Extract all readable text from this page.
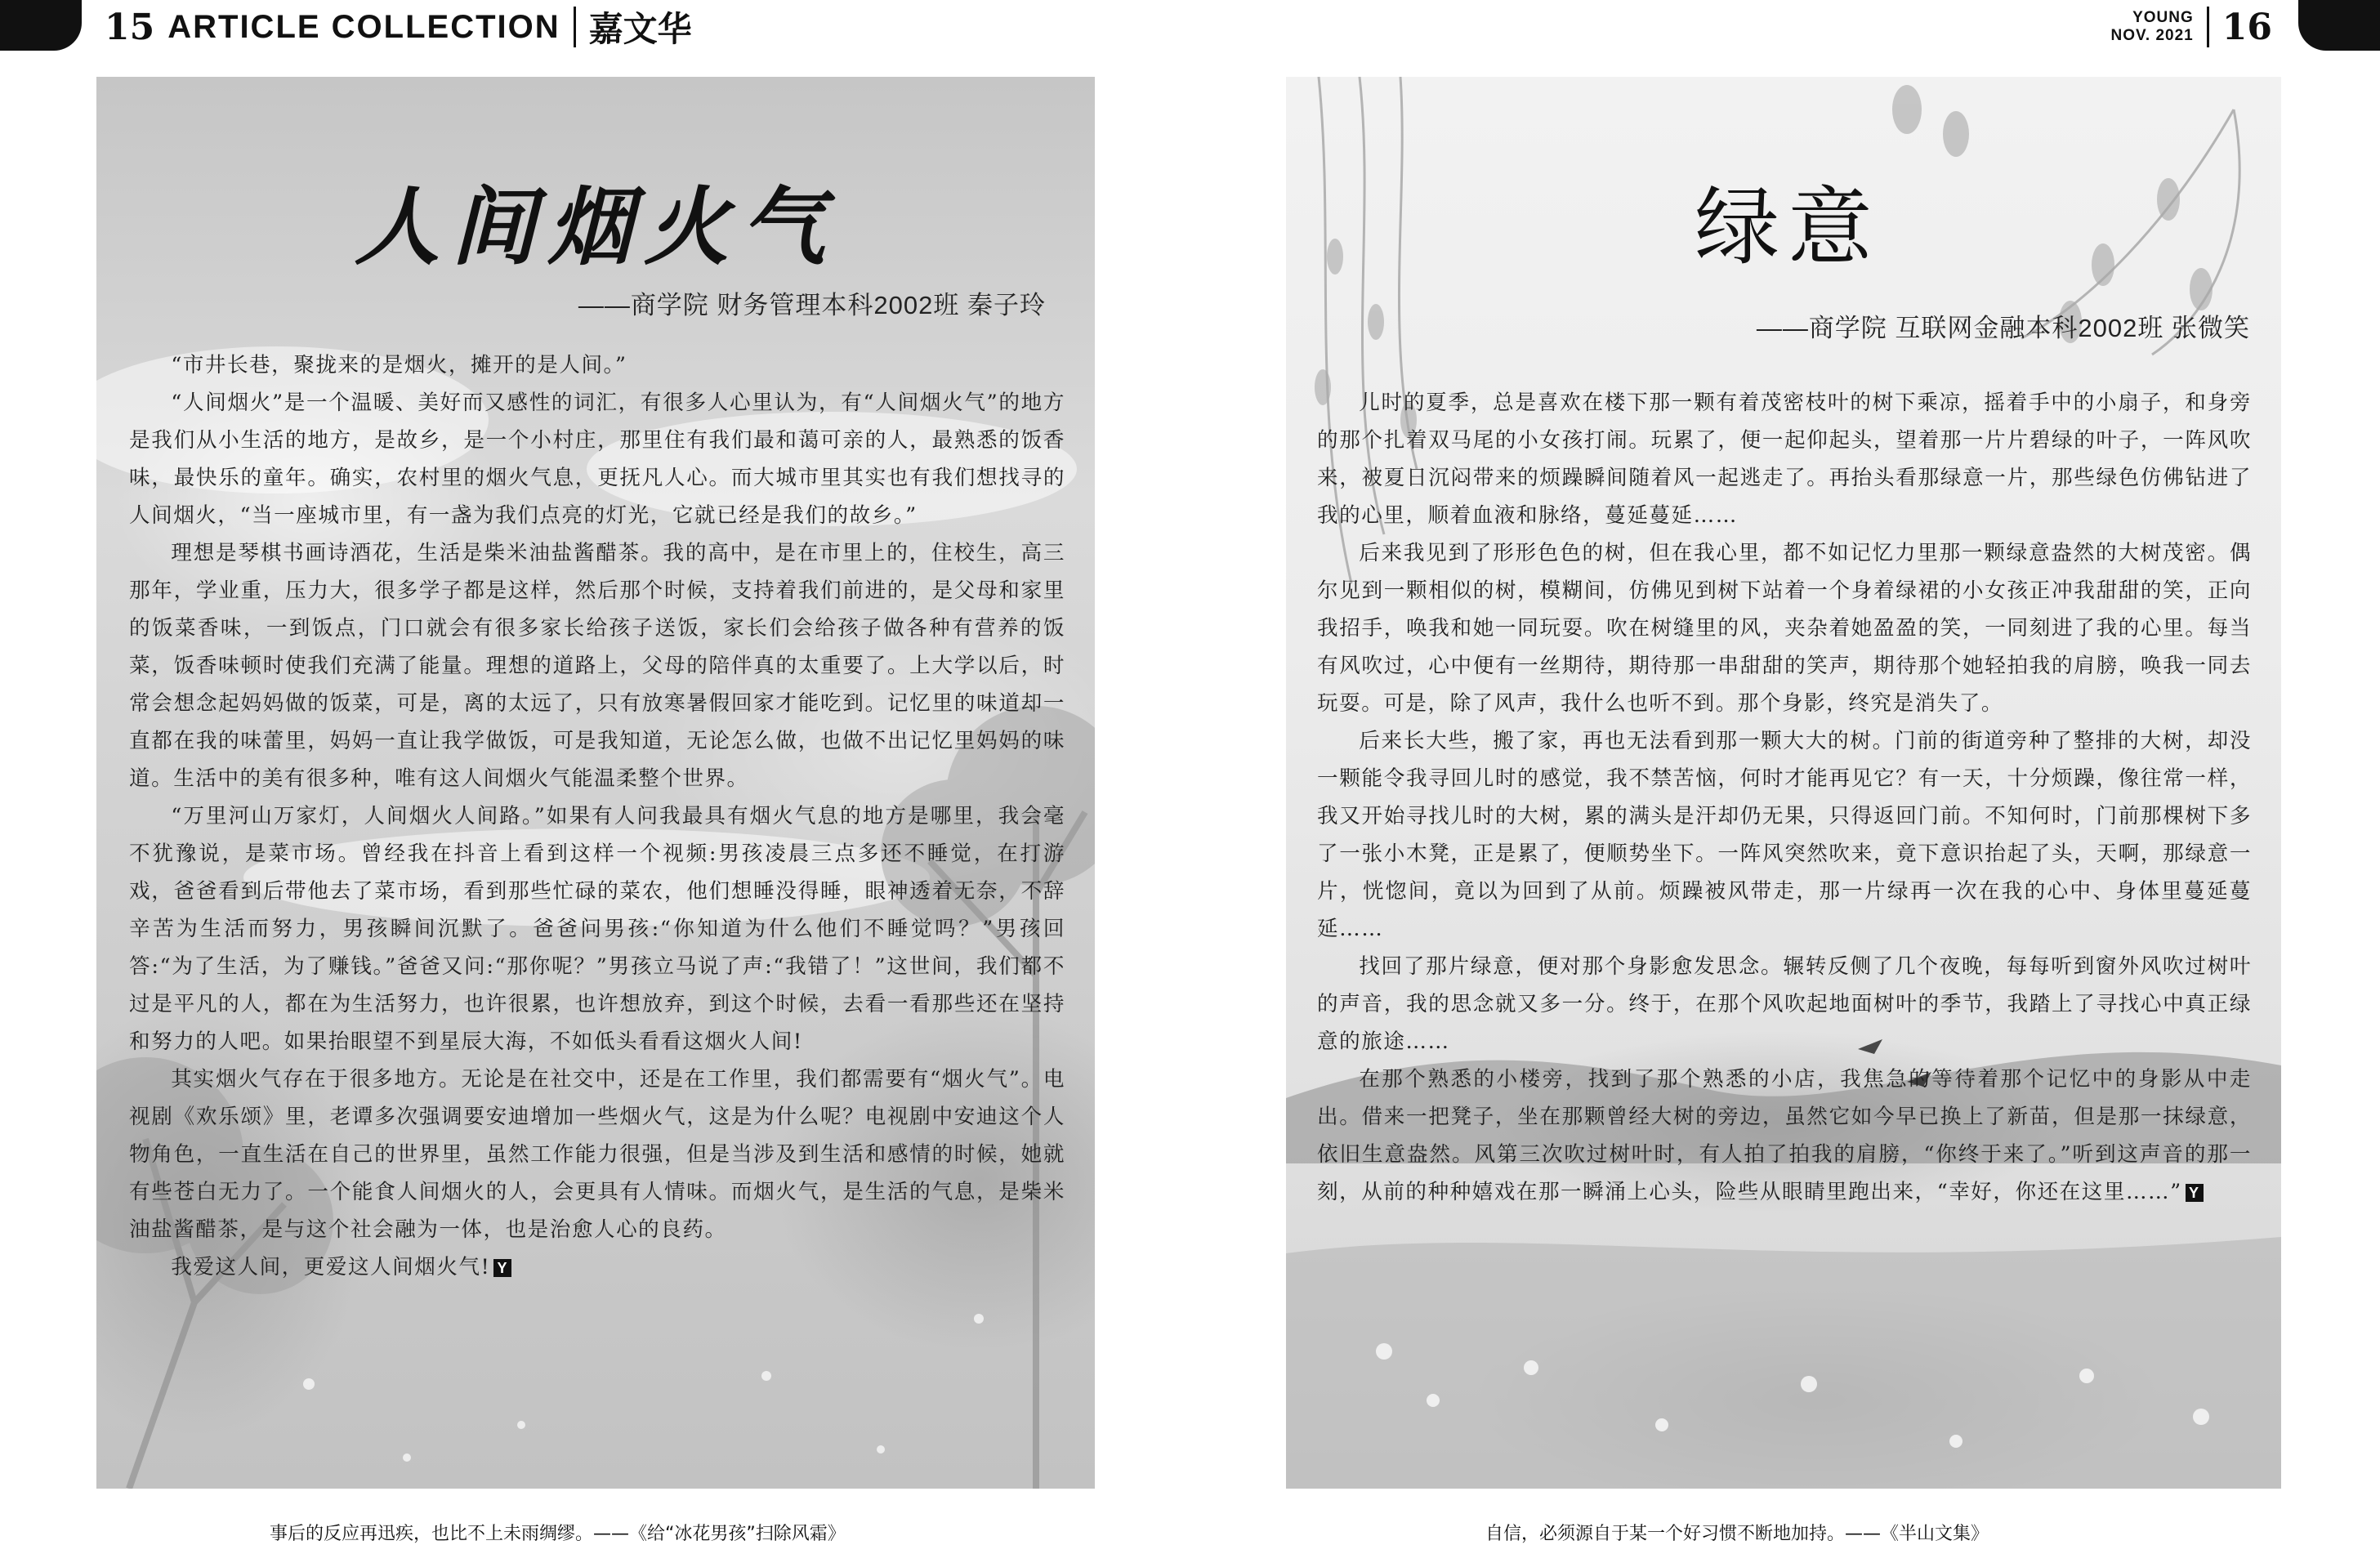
15 ARTICLE COLLECTION 嘉文华	YOUNG
NOV. 2021 16
人间烟火气
——商学院 财务管理本科2002班 秦子玲

“市井长巷，聚拢来的是烟火，摊开的是人间。”

“人间烟火”是一个温暖、美好而又感性的词汇，有很多人心里认为，有“人间烟火气”的地方是我们从小生活的地方，是故乡，是一个小村庄，那里住有我们最和蔼可亲的人，最熟悉的饭香味，最快乐的童年。确实，农村里的烟火气息，更抚凡人心。而大城市里其实也有我们想找寻的人间烟火，“当一座城市里，有一盏为我们点亮的灯光，它就已经是我们的故乡。”

理想是琴棋书画诗酒花，生活是柴米油盐酱醋茶。我的高中，是在市里上的，住校生，高三那年，学业重，压力大，很多学子都是这样，然后那个时候，支持着我们前进的，是父母和家里的饭菜香味，一到饭点，门口就会有很多家长给孩子送饭，家长们会给孩子做各种有营养的饭菜，饭香味顿时使我们充满了能量。理想的道路上，父母的陪伴真的太重要了。上大学以后，时常会想念起妈妈做的饭菜，可是，离的太远了，只有放寒暑假回家才能吃到。记忆里的味道却一直都在我的味蕾里，妈妈一直让我学做饭，可是我知道，无论怎么做，也做不出记忆里妈妈的味道。生活中的美有很多种，唯有这人间烟火气能温柔整个世界。

“万里河山万家灯，人间烟火人间路。”如果有人问我最具有烟火气息的地方是哪里，我会毫不犹豫说，是菜市场。曾经我在抖音上看到这样一个视频:男孩凌晨三点多还不睡觉，在打游戏，爸爸看到后带他去了菜市场，看到那些忙碌的菜农，他们想睡没得睡，眼神透着无奈，不辞辛苦为生活而努力，男孩瞬间沉默了。爸爸问男孩:“你知道为什么他们不睡觉吗？”男孩回答:“为了生活，为了赚钱。”爸爸又问:“那你呢？”男孩立马说了声:“我错了！”这世间，我们都不过是平凡的人，都在为生活努力，也许很累，也许想放弃，到这个时候，去看一看那些还在坚持和努力的人吧。如果抬眼望不到星辰大海，不如低头看看这烟火人间!

其实烟火气存在于很多地方。无论是在社交中，还是在工作里，我们都需要有“烟火气”。电视剧《欢乐颂》里，老谭多次强调要安迪增加一些烟火气，这是为什么呢？电视剧中安迪这个人物角色，一直生活在自己的世界里，虽然工作能力很强，但是当涉及到生活和感情的时候，她就有些苍白无力了。一个能食人间烟火的人，会更具有人情味。而烟火气，是生活的气息，是柴米油盐酱醋茶，是与这个社会融为一体，也是治愈人心的良药。

我爱这人间，更爱这人间烟火气! Y

绿意
——商学院 互联网金融本科2002班 张微笑

儿时的夏季，总是喜欢在楼下那一颗有着茂密枝叶的树下乘凉，摇着手中的小扇子，和身旁的那个扎着双马尾的小女孩打闹。玩累了，便一起仰起头，望着那一片片碧绿的叶子，一阵风吹来，被夏日沉闷带来的烦躁瞬间随着风一起逃走了。再抬头看那绿意一片，那些绿色仿佛钻进了我的心里，顺着血液和脉络，蔓延蔓延……

后来我见到了形形色色的树，但在我心里，都不如记忆力里那一颗绿意盎然的大树茂密。偶尔见到一颗相似的树，模糊间，仿佛见到树下站着一个身着绿裙的小女孩正冲我甜甜的笑，正向我招手，唤我和她一同玩耍。吹在树缝里的风，夹杂着她盈盈的笑，一同刻进了我的心里。每当有风吹过，心中便有一丝期待，期待那一串甜甜的笑声，期待那个她轻拍我的肩膀，唤我一同去玩耍。可是，除了风声，我什么也听不到。那个身影，终究是消失了。

后来长大些，搬了家，再也无法看到那一颗大大的树。门前的街道旁种了整排的大树，却没一颗能令我寻回儿时的感觉，我不禁苦恼，何时才能再见它？有一天，十分烦躁，像往常一样，我又开始寻找儿时的大树，累的满头是汗却仍无果，只得返回门前。不知何时，门前那棵树下多了一张小木凳，正是累了，便顺势坐下。一阵风突然吹来，竟下意识抬起了头，天啊，那绿意一片，恍惚间，竟以为回到了从前。烦躁被风带走，那一片绿再一次在我的心中、身体里蔓延蔓延……

找回了那片绿意，便对那个身影愈发思念。辗转反侧了几个夜晚，每每听到窗外风吹过树叶的声音，我的思念就又多一分。终于，在那个风吹起地面树叶的季节，我踏上了寻找心中真正绿意的旅途……

在那个熟悉的小楼旁，找到了那个熟悉的小店，我焦急的等待着那个记忆中的身影从中走出。借来一把凳子，坐在那颗曾经大树的旁边，虽然它如今早已换上了新苗，但是那一抹绿意，依旧生意盎然。风第三次吹过树叶时，有人拍了拍我的肩膀，“你终于来了。”听到这声音的那一刻，从前的种种嬉戏在那一瞬涌上心头，险些从眼睛里跑出来，“幸好，你还在这里……” Y

事后的反应再迅疾，也比不上未雨绸缪。——《给“冰花男孩”扫除风霜》	自信，必须源自于某一个好习惯不断地加持。——《半山文集》
